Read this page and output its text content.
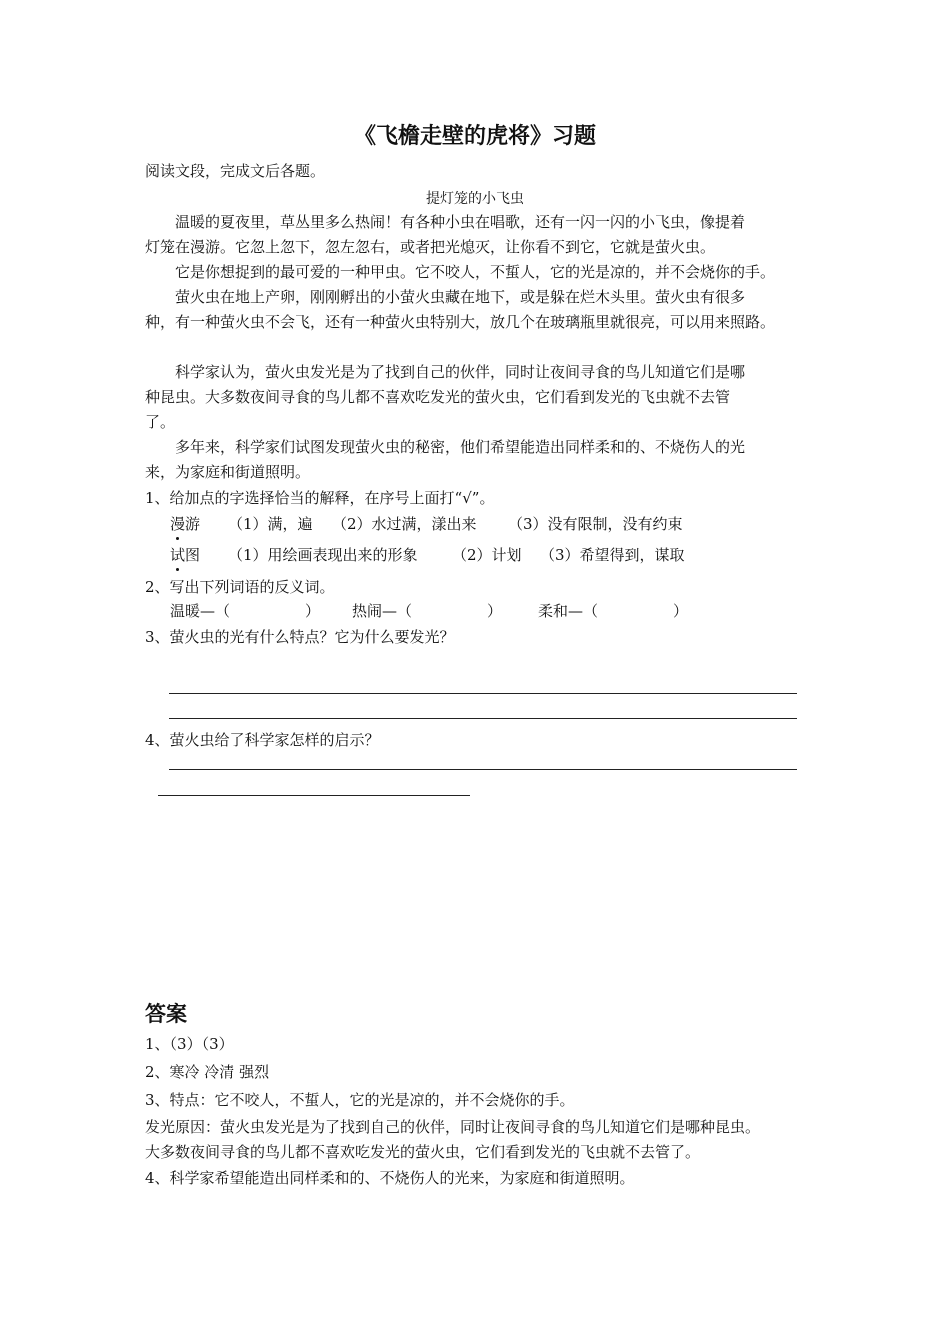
《飞檐走壁的虎将》习题
阅读文段，完成文后各题。
提灯笼的小飞虫
温暖的夏夜里，草丛里多么热闹！有各种小虫在唱歌，还有一闪一闪的小飞虫，像提着
灯笼在漫游。它忽上忽下，忽左忽右，或者把光熄灭，让你看不到它，它就是萤火虫。
它是你想捉到的最可爱的一种甲虫。它不咬人，不蜇人，它的光是凉的，并不会烧你的手。
萤火虫在地上产卵，刚刚孵出的小萤火虫藏在地下，或是躲在烂木头里。萤火虫有很多
种，有一种萤火虫不会飞，还有一种萤火虫特别大，放几个在玻璃瓶里就很亮，可以用来照路。
科学家认为，萤火虫发光是为了找到自己的伙伴，同时让夜间寻食的鸟儿知道它们是哪
种昆虫。大多数夜间寻食的鸟儿都不喜欢吃发光的萤火虫，它们看到发光的飞虫就不去管
了。
多年来，科学家们试图发现萤火虫的秘密，他们希望能造出同样柔和的、不烧伤人的光
来，为家庭和街道照明。
1、给加点的字选择恰当的解释，在序号上面打“√”。
漫游 （1）满，遍 （2）水过满，漾出来 （3）没有限制，没有约束
试图 （1）用绘画表现出来的形象 （2）计划 （3）希望得到，谋取
2、写出下列词语的反义词。
温暖—（　　　　　） 热闹—（　　　　　） 柔和—（　　　　　）
3、萤火虫的光有什么特点？它为什么要发光？
4、萤火虫给了科学家怎样的启示？
答案
1、（3）（3）
2、寒冷 冷清 强烈
3、特点：它不咬人，不蜇人，它的光是凉的，并不会烧你的手。
发光原因：萤火虫发光是为了找到自己的伙伴，同时让夜间寻食的鸟儿知道它们是哪种昆虫。
大多数夜间寻食的鸟儿都不喜欢吃发光的萤火虫，它们看到发光的飞虫就不去管了。
4、科学家希望能造出同样柔和的、不烧伤人的光来，为家庭和街道照明。
